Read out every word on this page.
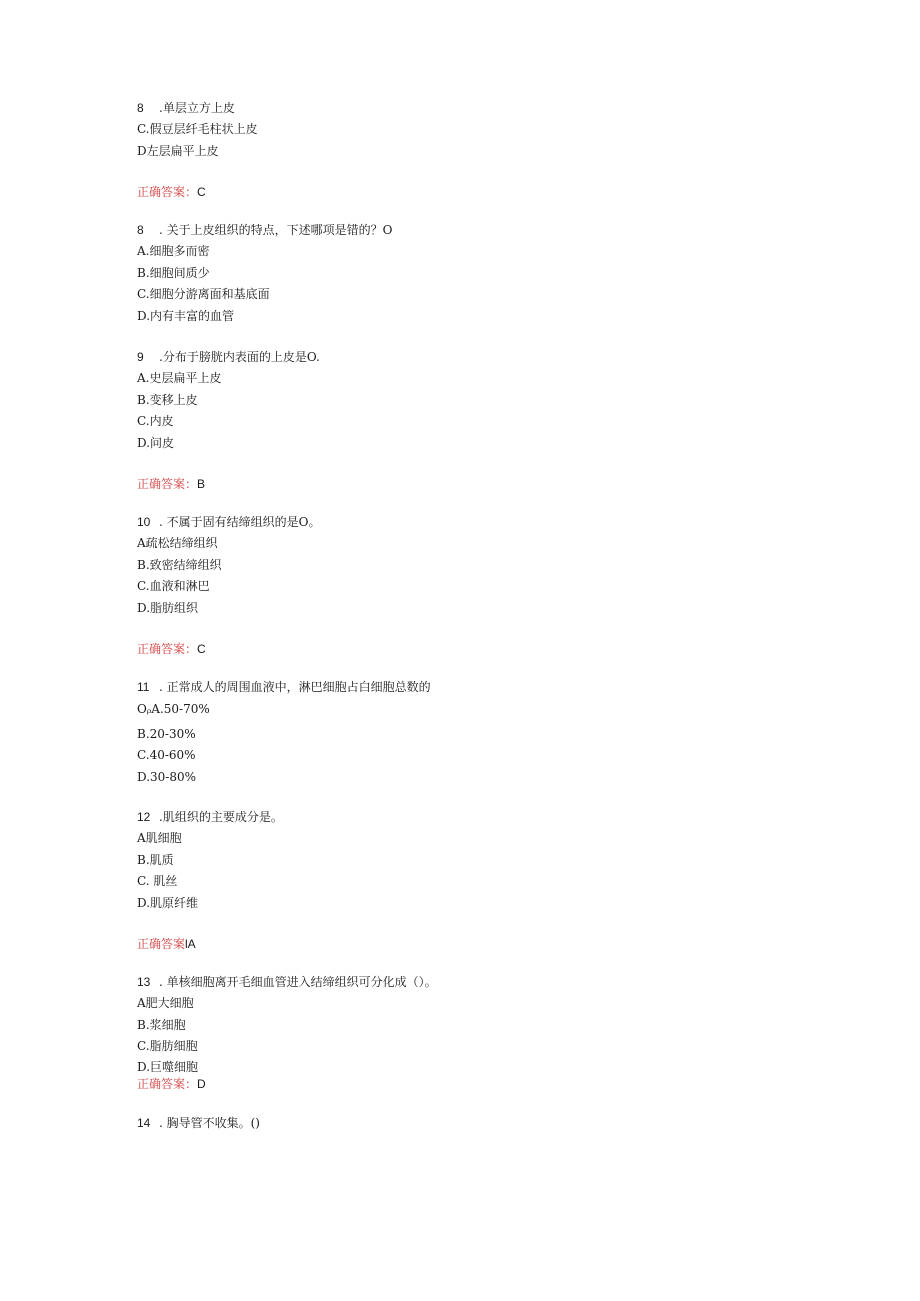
8 .单层立方上皮
C.假豆层纤毛柱状上皮
D左层扁平上皮
正确答案：C
8 . 关于上皮组织的特点，下述哪项是错的？O
A.细胞多而密
B.细胞间质少
C.细胞分游离面和基底面
D.内有丰富的血管
9 .分布于膀胱内表面的上皮是O.
A.史层扁平上皮
B.变移上皮
C.内皮
D.问皮
正确答案：B
10 . 不属于固有结缔组织的是O。
A疏松结缔组织
B.致密结缔组织
C.血液和淋巴
D.脂肪组织
正确答案：C
11 . 正常成人的周围血液中，淋巴细胞占白细胞总数的
OᵨA.50-70%
B.20-30%
C.40-60%
D.30-80%
12 .肌组织的主要成分是。
A肌细胞
B.肌质
C. 肌丝
D.肌原纤维
正确答案lA
13 . 单核细胞离开毛细血管进入结缔组织可分化成（）。
A肥大细胞
B.浆细胞
C.脂肪细胞
D.巨噬细胞
正确答案：D
14 . 胸导管不收集。()
